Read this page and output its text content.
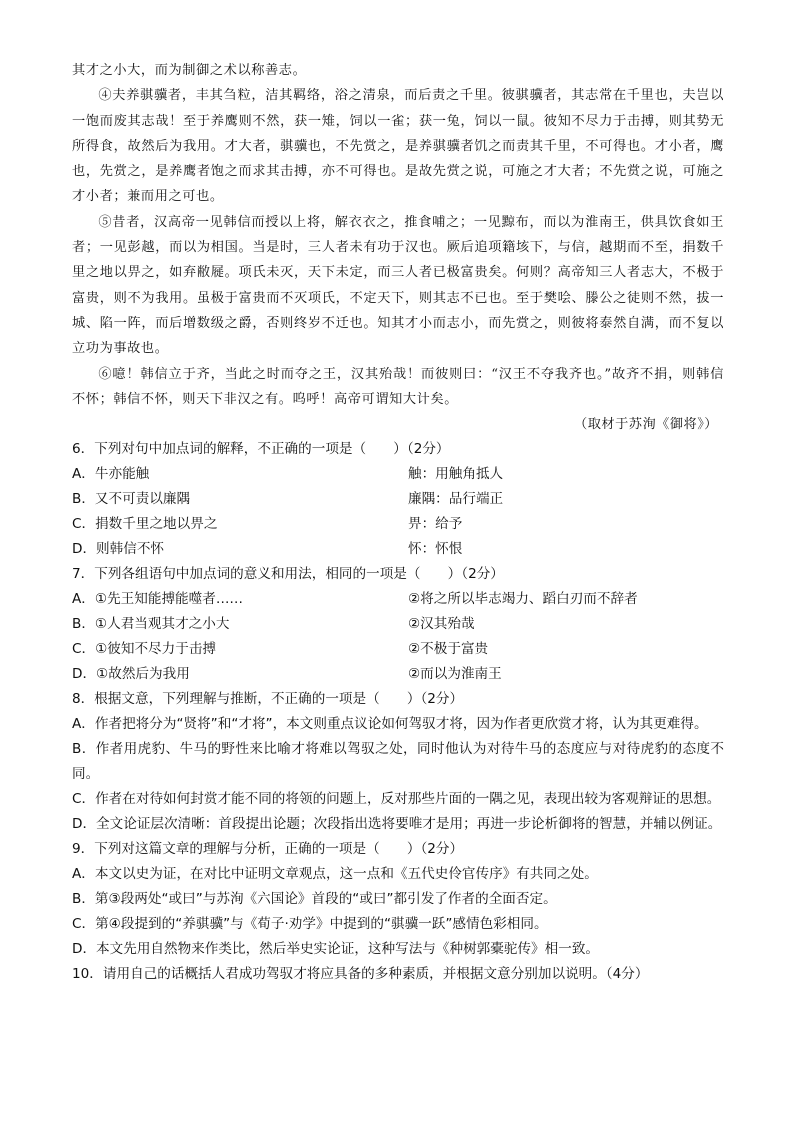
其才之小大，而为制御之术以称善志。

④夫养骐骥者，丰其刍粒，洁其羁络，浴之清泉，而后责之千里。彼骐骥者，其志常在千里也，夫岂以一饱而废其志哉！至于养鹰则不然，获一雉，饲以一雀；获一兔，饲以一鼠。彼知不尽力于击搏，则其势无所得食，故然后为我用。才大者，骐骥也，不先赏之，是养骐骥者饥之而责其千里，不可得也。才小者，鹰也，先赏之，是养鹰者饱之而求其击搏，亦不可得也。是故先赏之说，可施之才大者；不先赏之说，可施之才小者；兼而用之可也。

⑤昔者，汉高帝一见韩信而授以上将，解衣衣之，推食哺之；一见黥布，而以为淮南王，供具饮食如王者；一见彭越，而以为相国。当是时，三人者未有功于汉也。厥后追项籍垓下，与信，越期而不至，捐数千里之地以畀之，如弃敝屣。项氏未灭，天下未定，而三人者已极富贵矣。何则？高帝知三人者志大，不极于富贵，则不为我用。虽极于富贵而不灭项氏，不定天下，则其志不已也。至于樊哙、滕公之徒则不然，拔一城、陷一阵，而后增数级之爵，否则终岁不迁也。知其才小而志小，而先赏之，则彼将泰然自满，而不复以立功为事故也。

⑥噫！韩信立于齐，当此之时而夺之王，汉其殆哉！而彼则曰：“汉王不夺我齐也。”故齐不捐，则韩信不怀；韩信不怀，则天下非汉之有。呜呼！高帝可谓知大计矣。

（取材于苏洵《御将》）

6．下列对句中加点词的解释，不正确的一项是（　　）（2分）

A．牛亦能触	触：用触角抵人
B．又不可责以廉隅	廉隅：品行端正
C．捐数千里之地以畀之	畀：给予
D．则韩信不怀	怀：怀恨

7．下列各组语句中加点词的意义和用法，相同的一项是（　　）（2分）

A．①先王知能搏能噬者……	②将之所以毕志竭力、蹈白刃而不辞者
B．①人君当观其才之小大	②汉其殆哉
C．①彼知不尽力于击搏	②不极于富贵
D．①故然后为我用	②而以为淮南王

8．根据文意，下列理解与推断，不正确的一项是（　　）（2分）

A．作者把将分为“贤将”和“才将”，本文则重点议论如何驾驭才将，因为作者更欣赏才将，认为其更难得。

B．作者用虎豹、牛马的野性来比喻才将难以驾驭之处，同时他认为对待牛马的态度应与对待虎豹的态度不同。

C．作者在对待如何封赏才能不同的将领的问题上，反对那些片面的一隅之见，表现出较为客观辩证的思想。

D．全文论证层次清晰：首段提出论题；次段指出选将要唯才是用；再进一步论析御将的智慧，并辅以例证。

9．下列对这篇文章的理解与分析，正确的一项是（　　）（2分）

A．本文以史为证，在对比中证明文章观点，这一点和《五代史伶官传序》有共同之处。

B．第③段两处“或曰”与苏洵《六国论》首段的“或曰”都引发了作者的全面否定。

C．第④段提到的“养骐骥”与《荀子·劝学》中提到的“骐骥一跃”感情色彩相同。

D．本文先用自然物来作类比，然后举史实论证，这种写法与《种树郭橐驼传》相一致。

10．请用自己的话概括人君成功驾驭才将应具备的多种素质，并根据文意分别加以说明。（4分）
